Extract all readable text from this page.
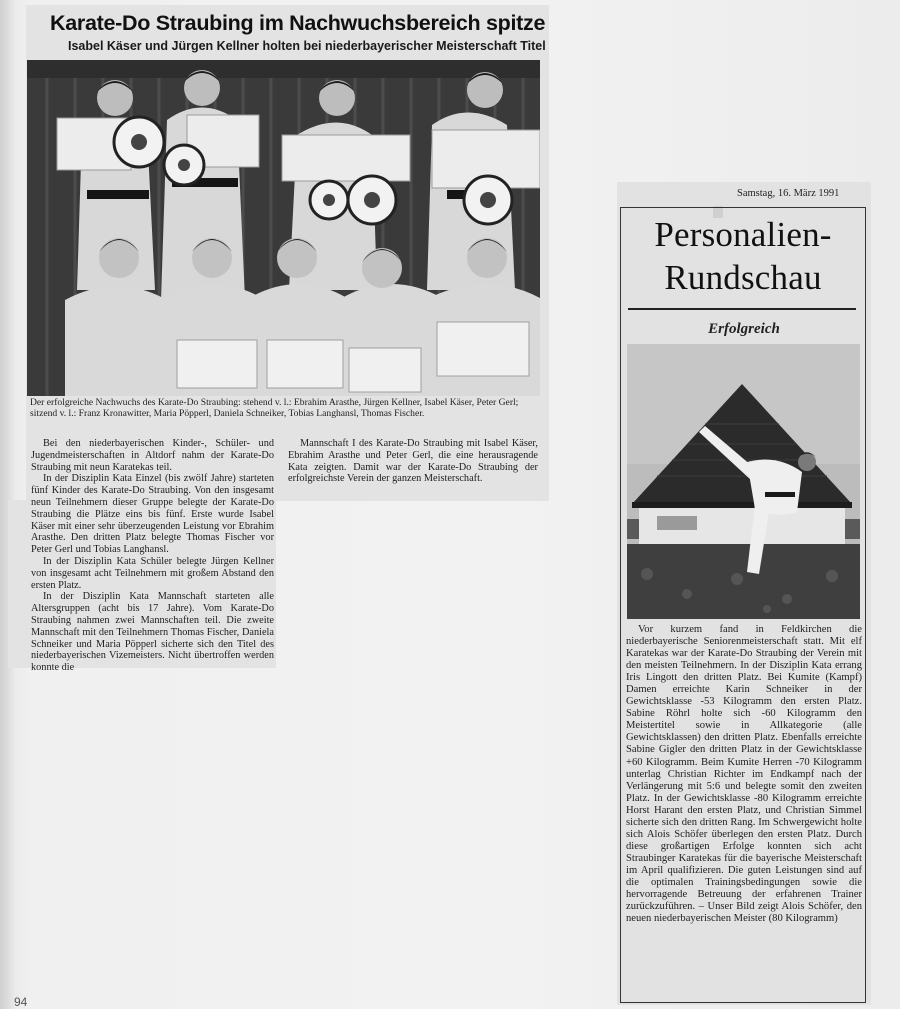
94
Karate-Do Straubing im Nachwuchsbereich spitze
Isabel Käser und Jürgen Kellner holten bei niederbayerischer Meisterschaft Titel
Der erfolgreiche Nachwuchs des Karate-Do Straubing: stehend v. l.: Ebrahim Arasthe, Jürgen Kellner, Isabel Käser, Peter Gerl; sitzend v. l.: Franz Kronawitter, Maria Pöpperl, Daniela Schneiker, Tobias Langhansl, Thomas Fischer.

Mannschaft I des Karate-Do Straubing mit Isabel Käser, Ebrahim Arasthe und Peter Gerl, die eine herausragende Kata zeigten. Damit war der Karate-Do Straubing der erfolgreichste Verein der ganzen Meisterschaft.

Bei den niederbayerischen Kinder-, Schüler- und Jugendmeisterschaften in Altdorf nahm der Karate-Do Straubing mit neun Karatekas teil.

In der Disziplin Kata Einzel (bis zwölf Jahre) starteten fünf Kinder des Karate-Do Straubing. Von den insgesamt neun Teilnehmern dieser Gruppe belegte der Karate-Do Straubing die Plätze eins bis fünf. Erste wurde Isabel Käser mit einer sehr überzeugenden Leistung vor Ebrahim Arasthe. Den dritten Platz belegte Thomas Fischer vor Peter Gerl und Tobias Langhansl.

In der Disziplin Kata Schüler belegte Jürgen Kellner von insgesamt acht Teilnehmern mit großem Abstand den ersten Platz.

In der Disziplin Kata Mannschaft starteten alle Altersgruppen (acht bis 17 Jahre). Vom Karate-Do Straubing nahmen zwei Mannschaften teil. Die zweite Mannschaft mit den Teilnehmern Thomas Fischer, Daniela Schneiker und Maria Pöpperl sicherte sich den Titel des niederbayerischen Vizemeisters. Nicht übertroffen werden konnte die

Samstag, 16. März 1991
Personalien-
Rundschau
Erfolgreich

Vor kurzem fand in Feldkirchen die niederbayerische Seniorenmeisterschaft statt. Mit elf Karatekas war der Karate-Do Straubing der Verein mit den meisten Teilnehmern. In der Disziplin Kata errang Iris Lingott den dritten Platz. Bei Kumite (Kampf) Damen erreichte Karin Schneiker in der Gewichtsklasse -53 Kilogramm den ersten Platz. Sabine Röhrl holte sich -60 Kilogramm den Meistertitel sowie in Allkategorie (alle Gewichtsklassen) den dritten Platz. Ebenfalls erreichte Sabine Gigler den dritten Platz in der Gewichtsklasse +60 Kilogramm. Beim Kumite Herren -70 Kilogramm unterlag Christian Richter im Endkampf nach der Verlängerung mit 5:6 und belegte somit den zweiten Platz. In der Gewichtsklasse -80 Kilogramm erreichte Horst Harant den ersten Platz, und Christian Simmel sicherte sich den dritten Rang. Im Schwergewicht holte sich Alois Schöfer überlegen den ersten Platz. Durch diese großartigen Erfolge konnten sich acht Straubinger Karatekas für die bayerische Meisterschaft im April qualifizieren. Die guten Leistungen sind auf die optimalen Trainingsbedingungen sowie die hervorragende Betreuung der erfahrenen Trainer zurückzuführen. – Unser Bild zeigt Alois Schöfer, den neuen niederbayerischen Meister (80 Kilogramm)
